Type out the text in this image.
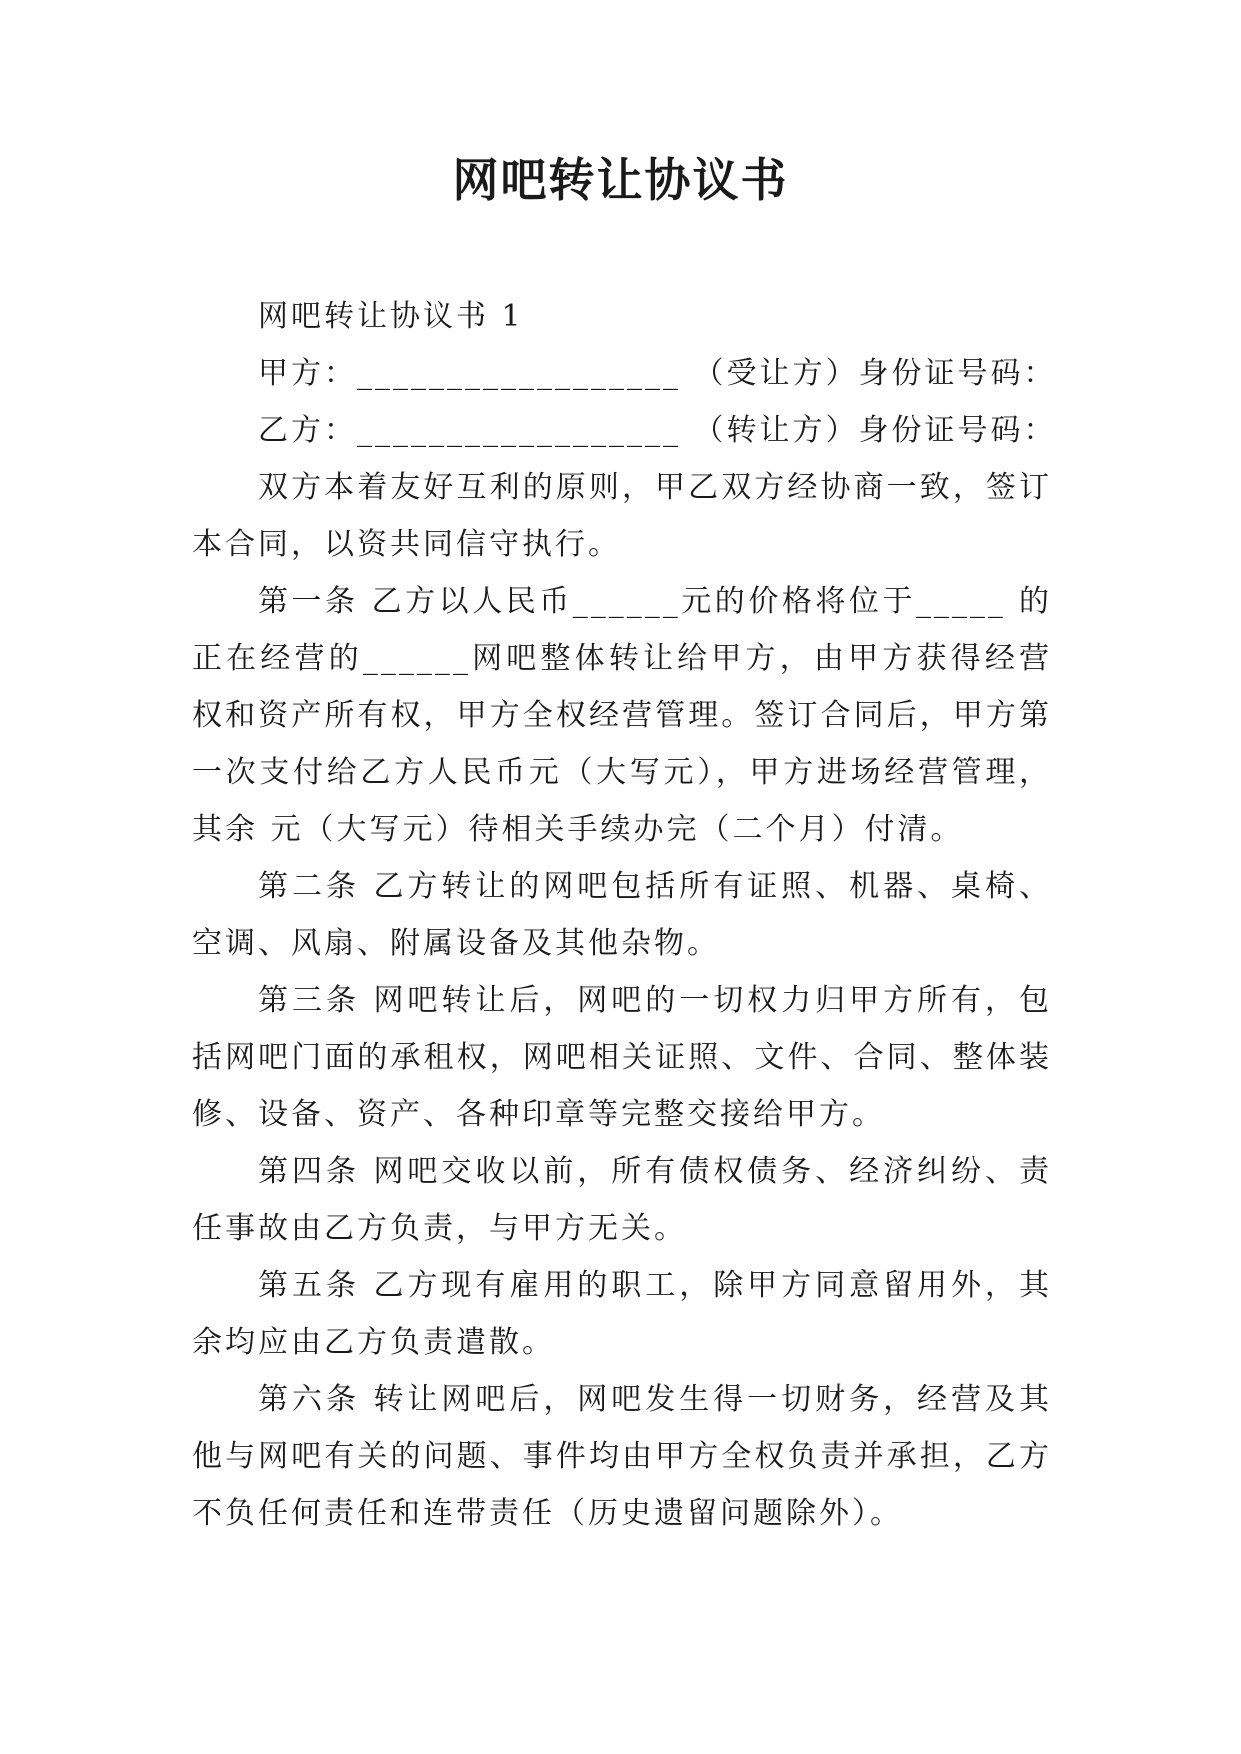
网吧转让协议书

网吧转让协议书 1

甲方：__________________ （受让方）身份证号码：

乙方：__________________ （转让方）身份证号码：

双方本着友好互利的原则，甲乙双方经协商一致，签订本合同，以资共同信守执行。

第一条 乙方以人民币______元的价格将位于_____ 的正在经营的______网吧整体转让给甲方，由甲方获得经营权和资产所有权，甲方全权经营管理。签订合同后，甲方第一次支付给乙方人民币元（大写元），甲方进场经营管理，其余 元（大写元）待相关手续办完（二个月）付清。

第二条 乙方转让的网吧包括所有证照、机器、桌椅、空调、风扇、附属设备及其他杂物。

第三条 网吧转让后，网吧的一切权力归甲方所有，包括网吧门面的承租权，网吧相关证照、文件、合同、整体装修、设备、资产、各种印章等完整交接给甲方。

第四条 网吧交收以前，所有债权债务、经济纠纷、责任事故由乙方负责，与甲方无关。

第五条 乙方现有雇用的职工，除甲方同意留用外，其余均应由乙方负责遣散。

第六条 转让网吧后，网吧发生得一切财务，经营及其他与网吧有关的问题、事件均由甲方全权负责并承担，乙方不负任何责任和连带责任（历史遗留问题除外）。
